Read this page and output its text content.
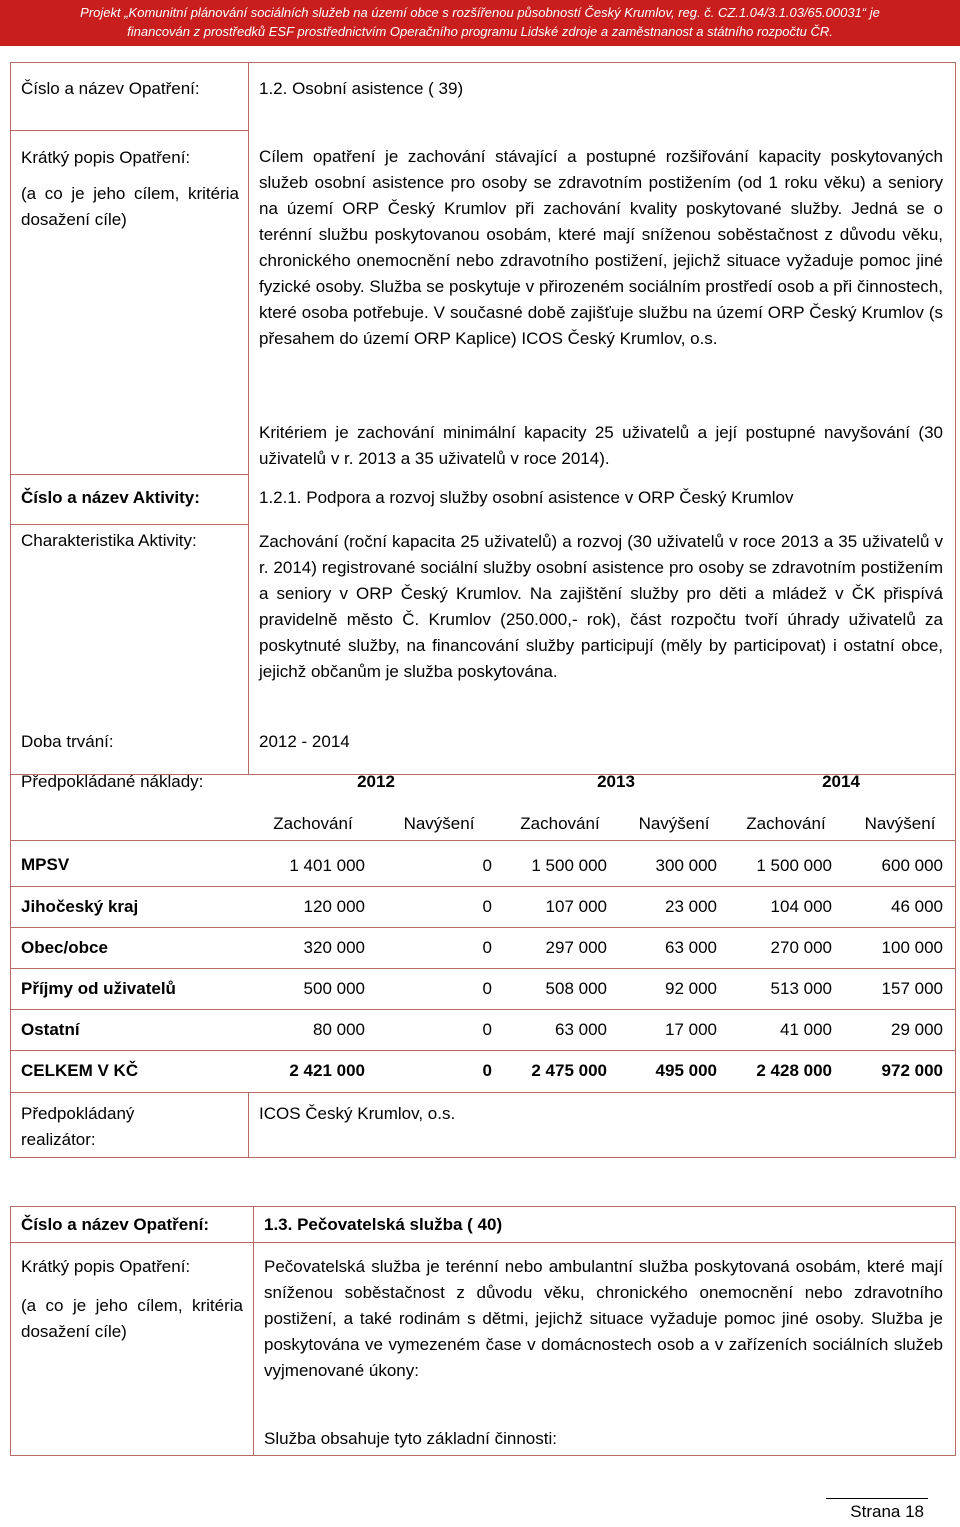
Projekt „Komunitní plánování sociálních služeb na území obce s rozšířenou působností Český Krumlov, reg. č. CZ.1.04/3.1.03/65.00031“ je
financován z prostředků ESF prostřednictvím Operačního programu Lidské zdroje a zaměstnanost a státního rozpočtu ČR.
Číslo a název Opatření:	1.2. Osobní asistence ( 39)
Krátký popis Opatření:
(a co je jeho cílem, kritéria dosažení cíle)
Cílem opatření je zachování stávající a postupné rozšiřování kapacity poskytovaných služeb osobní asistence pro osoby se zdravotním postižením (od 1 roku věku) a seniory na území ORP Český Krumlov při zachování kvality poskytované služby. Jedná se o terénní službu poskytovanou osobám, které mají sníženou soběstačnost z důvodu věku, chronického onemocnění nebo zdravotního postižení, jejichž situace vyžaduje pomoc jiné fyzické osoby. Služba se poskytuje v přirozeném sociálním prostředí osob a při činnostech, které osoba potřebuje. V současné době zajišťuje službu na území ORP Český Krumlov (s přesahem do území ORP Kaplice) ICOS Český Krumlov, o.s.
Kritériem je zachování minimální kapacity 25 uživatelů a její postupné navyšování (30 uživatelů v r. 2013 a 35 uživatelů v roce 2014).
Číslo a název Aktivity:	1.2.1. Podpora a rozvoj služby osobní asistence v ORP Český Krumlov
Charakteristika Aktivity:	Zachování (roční kapacita 25 uživatelů) a rozvoj (30 uživatelů v roce 2013 a 35 uživatelů v r. 2014) registrované sociální služby osobní asistence pro osoby se zdravotním postižením a seniory v ORP Český Krumlov. Na zajištění služby pro děti a mládež v ČK přispívá pravidelně město Č. Krumlov (250.000,- rok), část rozpočtu tvoří úhrady uživatelů za poskytnuté služby, na financování služby participují (měly by participovat) i ostatní obce, jejichž občanům je služba poskytována.
Doba trvání:	2012 - 2014
Předpokládané náklady:	2012	2013	2014
Zachování	Navýšení	Zachování	Navýšení	Zachování	Navýšení
MPSV	1 401 000	0	1 500 000	300 000	1 500 000	600 000
Jihočeský kraj	120 000	0	107 000	23 000	104 000	46 000
Obec/obce	320 000	0	297 000	63 000	270 000	100 000
Příjmy od uživatelů	500 000	0	508 000	92 000	513 000	157 000
Ostatní	80 000	0	63 000	17 000	41 000	29 000
CELKEM V KČ	2 421 000	0	2 475 000	495 000	2 428 000	972 000
Předpokládaný realizátor:
ICOS Český Krumlov, o.s.
Číslo a název Opatření:	1.3. Pečovatelská služba ( 40)
Krátký popis Opatření:
(a co je jeho cílem, kritéria dosažení cíle)
Pečovatelská služba je terénní nebo ambulantní služba poskytovaná osobám, které mají sníženou soběstačnost z důvodu věku, chronického onemocnění nebo zdravotního postižení, a také rodinám s dětmi, jejichž situace vyžaduje pomoc jiné osoby. Služba je poskytována ve vymezeném čase v domácnostech osob a v zařízeních sociálních služeb vyjmenované úkony:
Služba obsahuje tyto základní činnosti:
Strana 18
